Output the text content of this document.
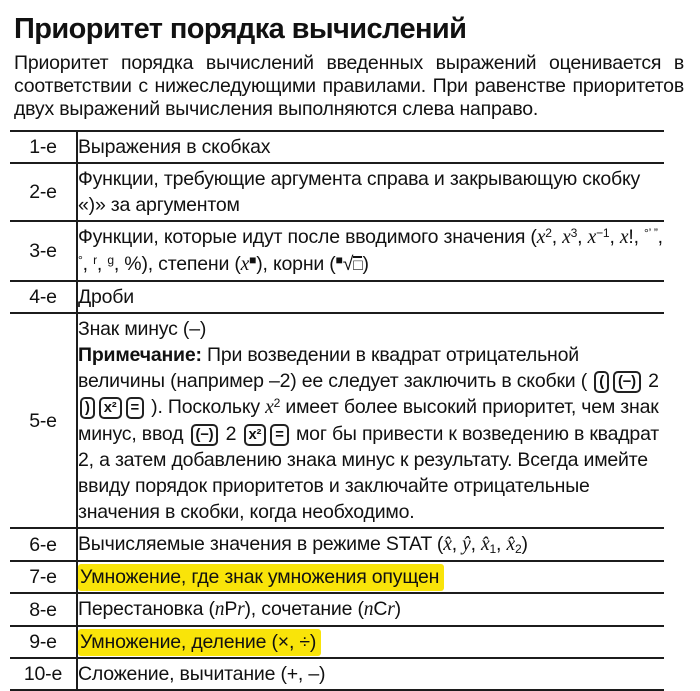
Приоритет порядка вычислений

Приоритет порядка вычислений введенных выражений оценивается в соответствии с нижеследующими правилами. При равенстве приоритетов двух выражений вычисления выполняются слева направо.

1-е	Выражения в скобках
2-е	Функции, требующие аргумента справа и закрывающую скобку «)» за аргументом
3-е	Функции, которые идут после вводимого значения ($x^2$, $x^3$, $x^{-1}$, x!, °’ ”, °, $^r$, $^g$, %), степени (x■), корни (■√□)
4-е	Дроби
5-е	Знак минус (–)
Примечание: При возведении в квадрат отрицательной величины (например –2) ее следует заключить в скобки ( ( (−) 2 ) x² = ). Поскольку $x^2$ имеет более высокий приоритет, чем знак минус, ввод (−) 2 x² = мог бы привести к возведению в квадрат 2, а затем добавлению знака минус к результату. Всегда имейте ввиду порядок приоритетов и заключайте отрицательные значения в скобки, когда необходимо.
6-е	Вычисляемые значения в режиме STAT (x̂, ŷ, x̂1, x̂2)
7-е	Умножение, где знак умножения опущен
8-е	Перестановка (nPr), сочетание (nCr)
9-е	Умножение, деление (×, ÷)
10-е	Сложение, вычитание (+, –)
